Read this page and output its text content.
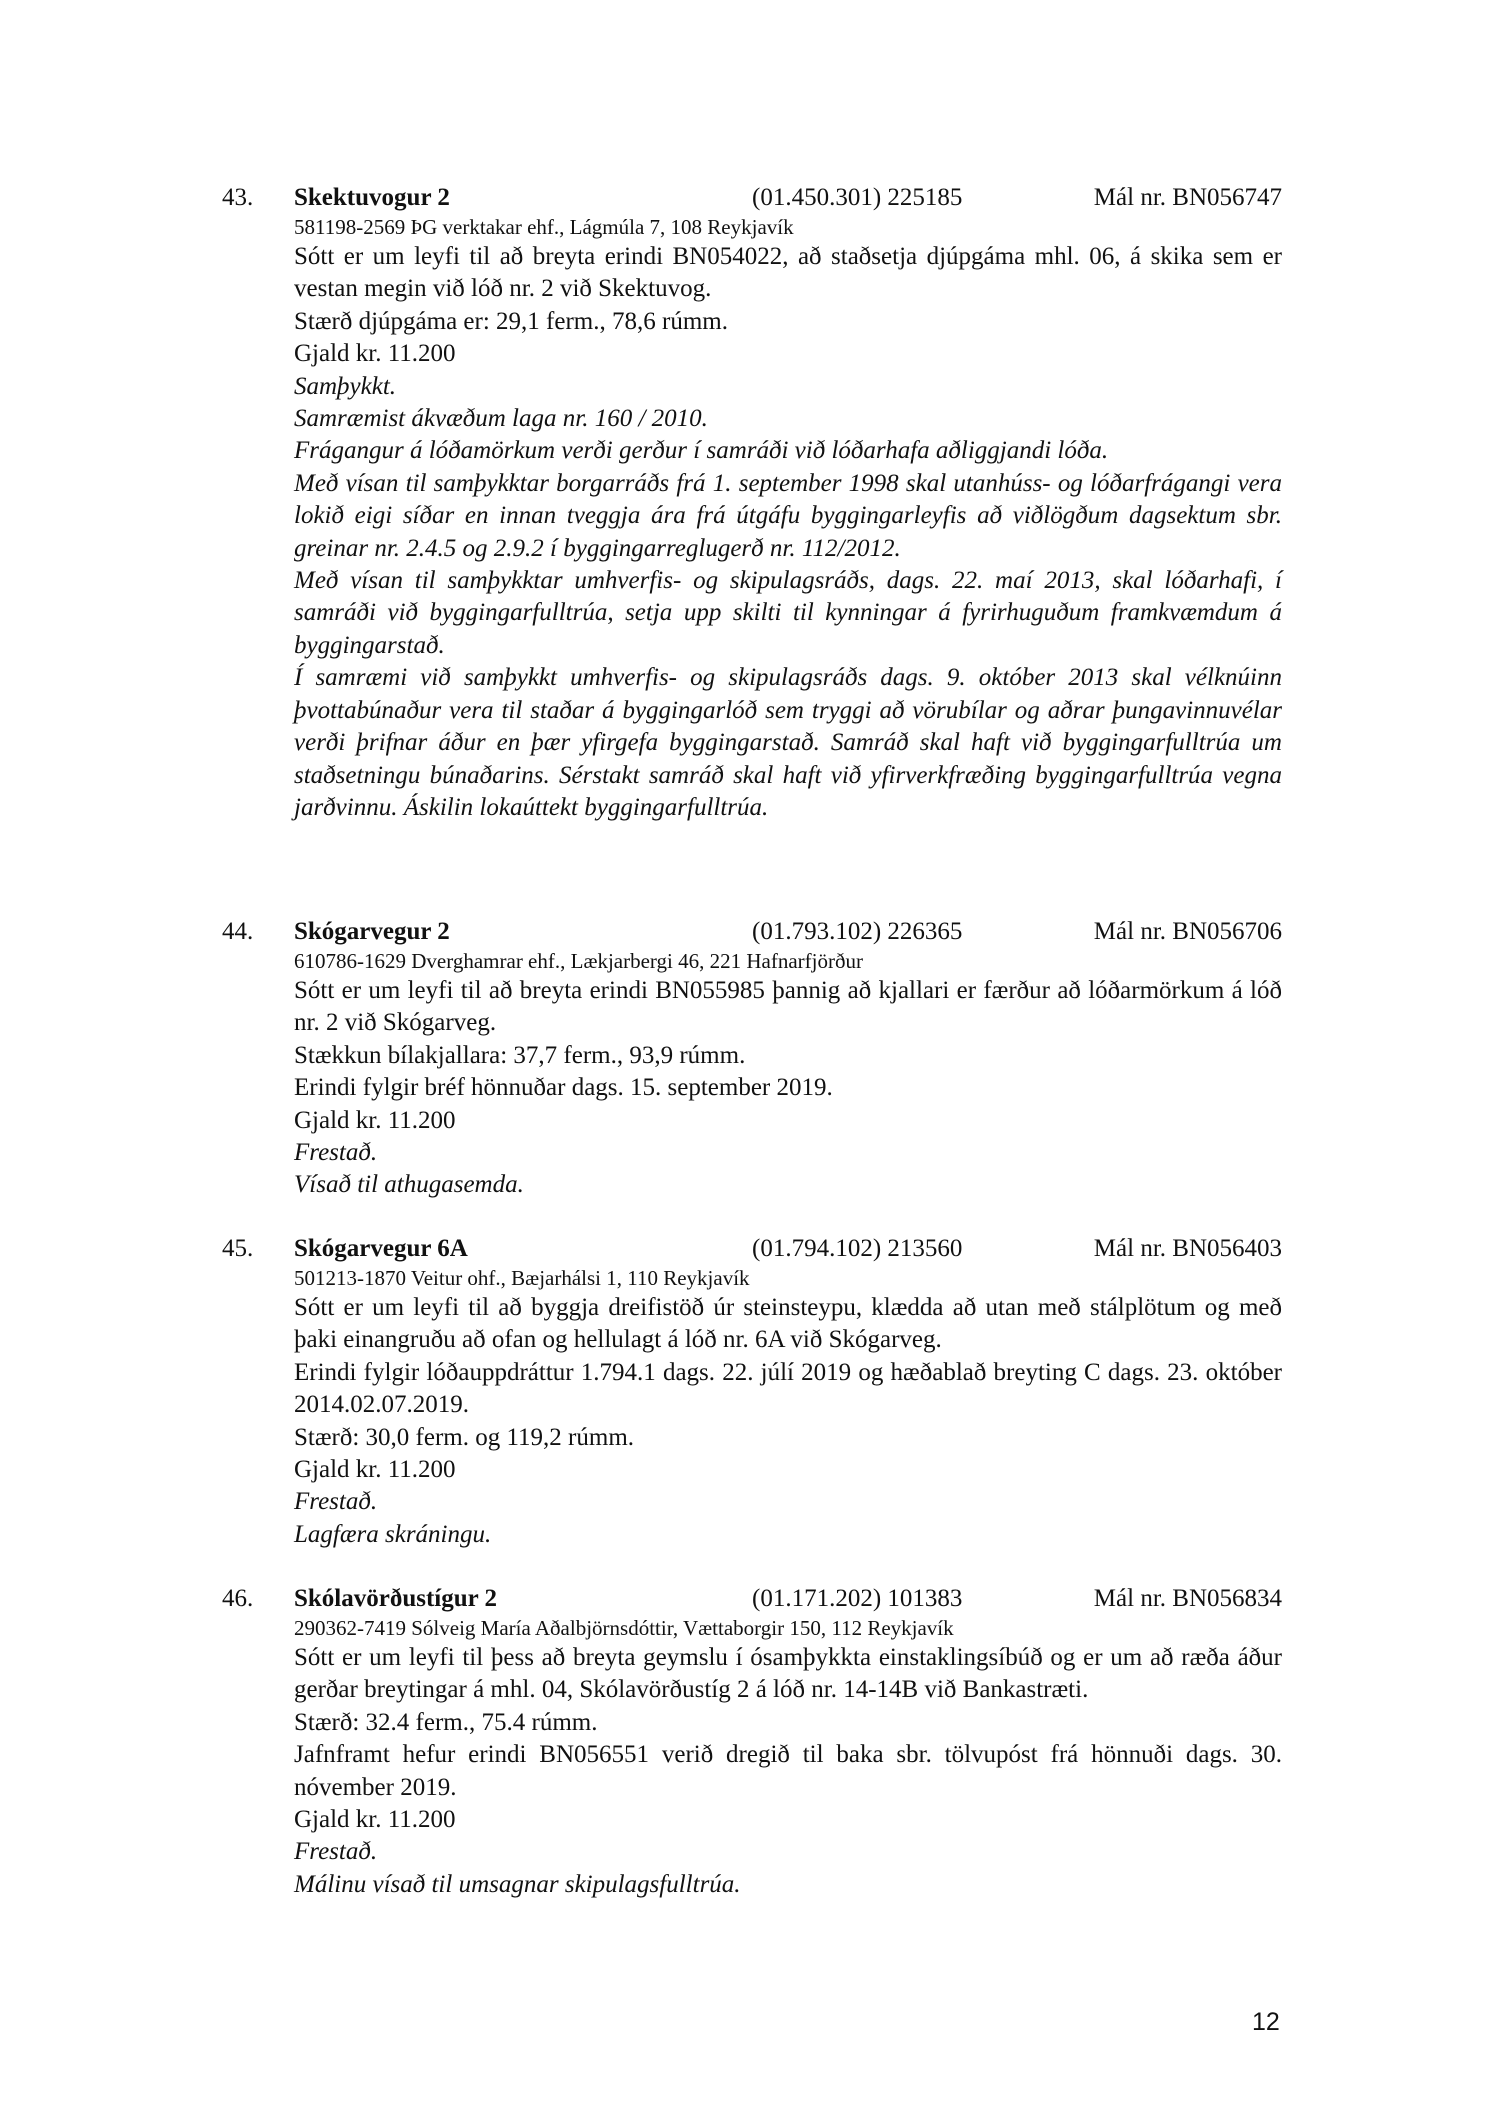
43.	Skektuvogur 2	(01.450.301) 225185	Mál nr. BN056747
581198-2569 ÞG verktakar ehf., Lágmúla 7, 108 Reykjavík

Sótt er um leyfi til að breyta erindi BN054022, að staðsetja djúpgáma mhl. 06, á skika sem er vestan megin við lóð nr. 2 við Skektuvog.

Stærð djúpgáma er: 29,1 ferm., 78,6 rúmm.

Gjald kr. 11.200

Samþykkt.

Samræmist ákvæðum laga nr. 160 / 2010.

Frágangur á lóðamörkum verði gerður í samráði við lóðarhafa aðliggjandi lóða.

Með vísan til samþykktar borgarráðs frá 1. september 1998 skal utanhúss- og lóðarfrágangi vera lokið eigi síðar en innan tveggja ára frá útgáfu byggingarleyfis að viðlögðum dagsektum sbr. greinar nr. 2.4.5 og 2.9.2 í byggingarreglugerð nr. 112/2012.

Með vísan til samþykktar umhverfis- og skipulagsráðs, dags. 22. maí 2013, skal lóðarhafi, í samráði við byggingarfulltrúa, setja upp skilti til kynningar á fyrirhuguðum framkvæmdum á byggingarstað.

Í samræmi við samþykkt umhverfis- og skipulagsráðs dags. 9. október 2013 skal vélknúinn þvottabúnaður vera til staðar á byggingarlóð sem tryggi að vörubílar og aðrar þungavinnuvélar verði þrifnar áður en þær yfirgefa byggingarstað. Samráð skal haft við byggingarfulltrúa um staðsetningu búnaðarins. Sérstakt samráð skal haft við yfirverkfræðing byggingarfulltrúa vegna jarðvinnu. Áskilin lokaúttekt byggingarfulltrúa.

44.	Skógarvegur 2	(01.793.102) 226365	Mál nr. BN056706
610786-1629 Dverghamrar ehf., Lækjarbergi 46, 221 Hafnarfjörður

Sótt er um leyfi til að breyta erindi BN055985 þannig að kjallari er færður að lóðarmörkum á lóð nr. 2 við Skógarveg.

Stækkun bílakjallara: 37,7 ferm., 93,9 rúmm.

Erindi fylgir bréf hönnuðar dags. 15. september 2019.

Gjald kr. 11.200

Frestað.

Vísað til athugasemda.

45.	Skógarvegur 6A	(01.794.102) 213560	Mál nr. BN056403
501213-1870 Veitur ohf., Bæjarhálsi 1, 110 Reykjavík

Sótt er um leyfi til að byggja dreifistöð úr steinsteypu, klædda að utan með stálplötum og með þaki einangruðu að ofan og hellulagt á lóð nr. 6A við Skógarveg.

Erindi fylgir lóðauppdráttur 1.794.1 dags. 22. júlí 2019 og hæðablað breyting C dags. 23. október 2014.02.07.2019.

Stærð: 30,0 ferm. og 119,2 rúmm.

Gjald kr. 11.200

Frestað.

Lagfæra skráningu.

46.	Skólavörðustígur 2	(01.171.202) 101383	Mál nr. BN056834
290362-7419 Sólveig María Aðalbjörnsdóttir, Vættaborgir 150, 112 Reykjavík

Sótt er um leyfi til þess að breyta geymslu í ósamþykkta einstaklingsíbúð og er um að ræða áður gerðar breytingar á mhl. 04, Skólavörðustíg 2 á lóð nr. 14-14B við Bankastræti.

Stærð: 32.4 ferm., 75.4 rúmm.

Jafnframt hefur erindi BN056551 verið dregið til baka sbr. tölvupóst frá hönnuði dags. 30. nóvember 2019.

Gjald kr. 11.200

Frestað.

Málinu vísað til umsagnar skipulagsfulltrúa.

12
